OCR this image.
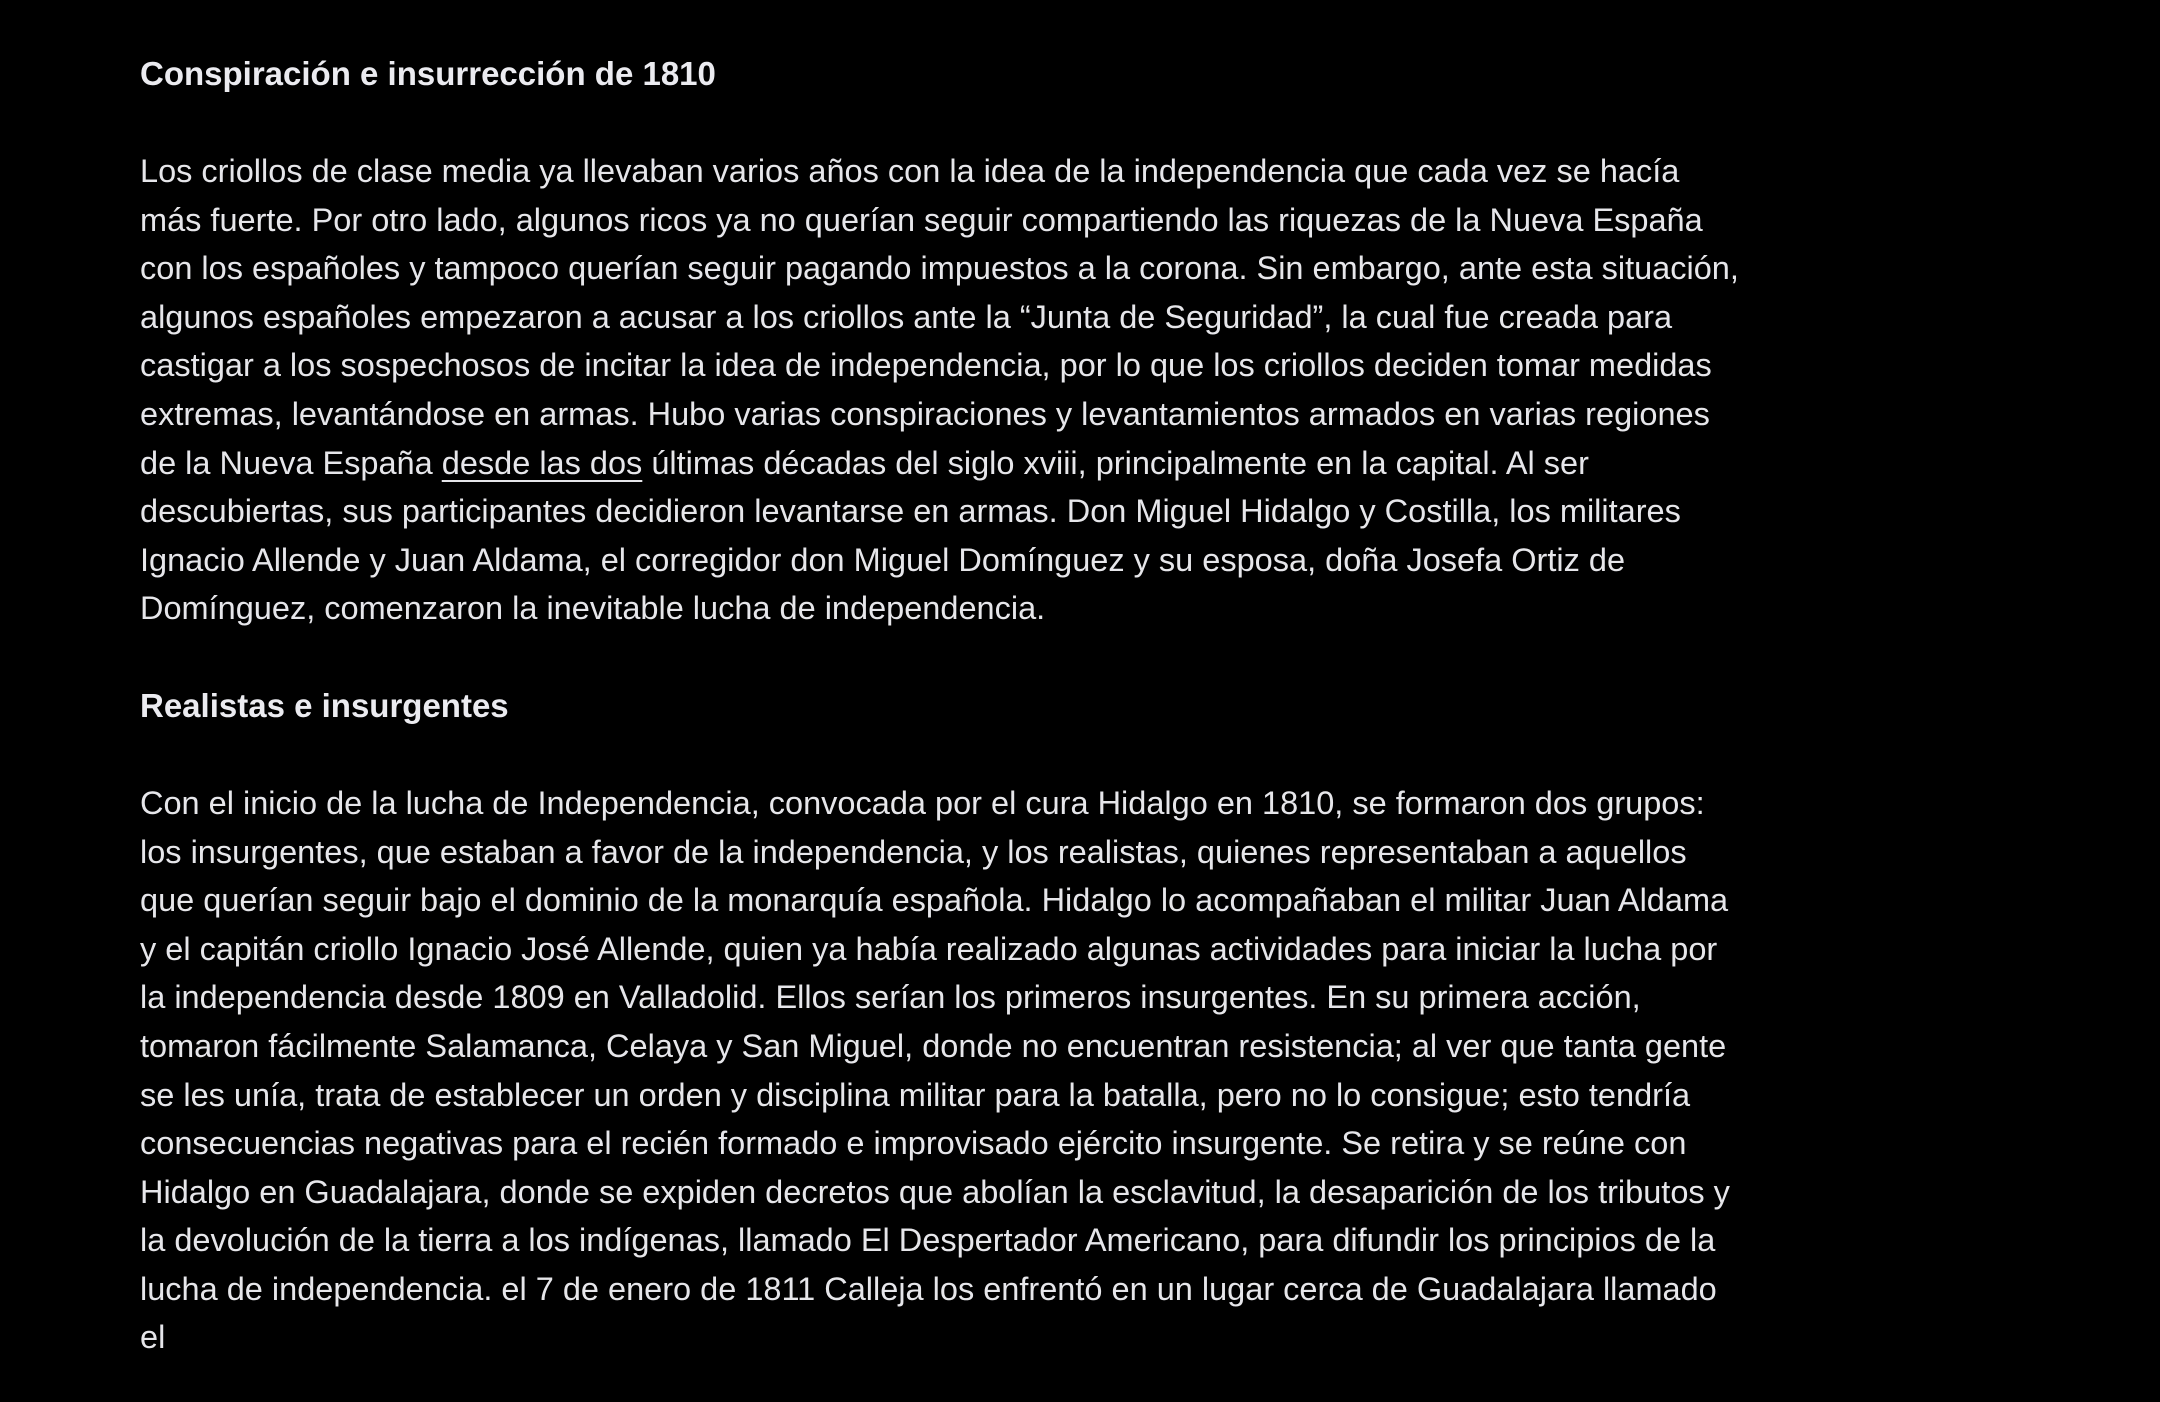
Conspiración e insurrección de 1810

Los criollos de clase media ya llevaban varios años con la idea de la independencia que cada vez se hacía más fuerte. Por otro lado, algunos ricos ya no querían seguir compartiendo las riquezas de la Nueva España con los españoles y tampoco querían seguir pagando impuestos a la corona. Sin embargo, ante esta situación, algunos españoles empezaron a acusar a los criollos ante la “Junta de Seguridad”, la cual fue creada para castigar a los sospechosos de incitar la idea de independencia, por lo que los criollos deciden tomar medidas extremas, levantándose en armas. Hubo varias conspiraciones y levantamientos armados en varias regiones de la Nueva España desde las dos últimas décadas del siglo xviii, principalmente en la capital. Al ser descubiertas, sus participantes decidieron levantarse en armas. Don Miguel Hidalgo y Costilla, los militares Ignacio Allende y Juan Aldama, el corregidor don Miguel Domínguez y su esposa, doña Josefa Ortiz de Domínguez, comenzaron la inevitable lucha de independencia.

Realistas e insurgentes

Con el inicio de la lucha de Independencia, convocada por el cura Hidalgo en 1810, se formaron dos grupos: los insurgentes, que estaban a favor de la independencia, y los realistas, quienes representaban a aquellos que querían seguir bajo el dominio de la monarquía española. Hidalgo lo acompañaban el militar Juan Aldama y el capitán criollo Ignacio José Allende, quien ya había realizado algunas actividades para iniciar la lucha por la independencia desde 1809 en Valladolid. Ellos serían los primeros insurgentes. En su primera acción, tomaron fácilmente Salamanca, Celaya y San Miguel, donde no encuentran resistencia; al ver que tanta gente se les unía, trata de establecer un orden y disciplina militar para la batalla, pero no lo consigue; esto tendría consecuencias negativas para el recién formado e improvisado ejército insurgente. Se retira y se reúne con Hidalgo en Guadalajara, donde se expiden decretos que abolían la esclavitud, la desaparición de los tributos y la devolución de la tierra a los indígenas, llamado El Despertador Americano, para difundir los principios de la lucha de independencia. el 7 de enero de 1811 Calleja los enfrentó en un lugar cerca de Guadalajara llamado el
